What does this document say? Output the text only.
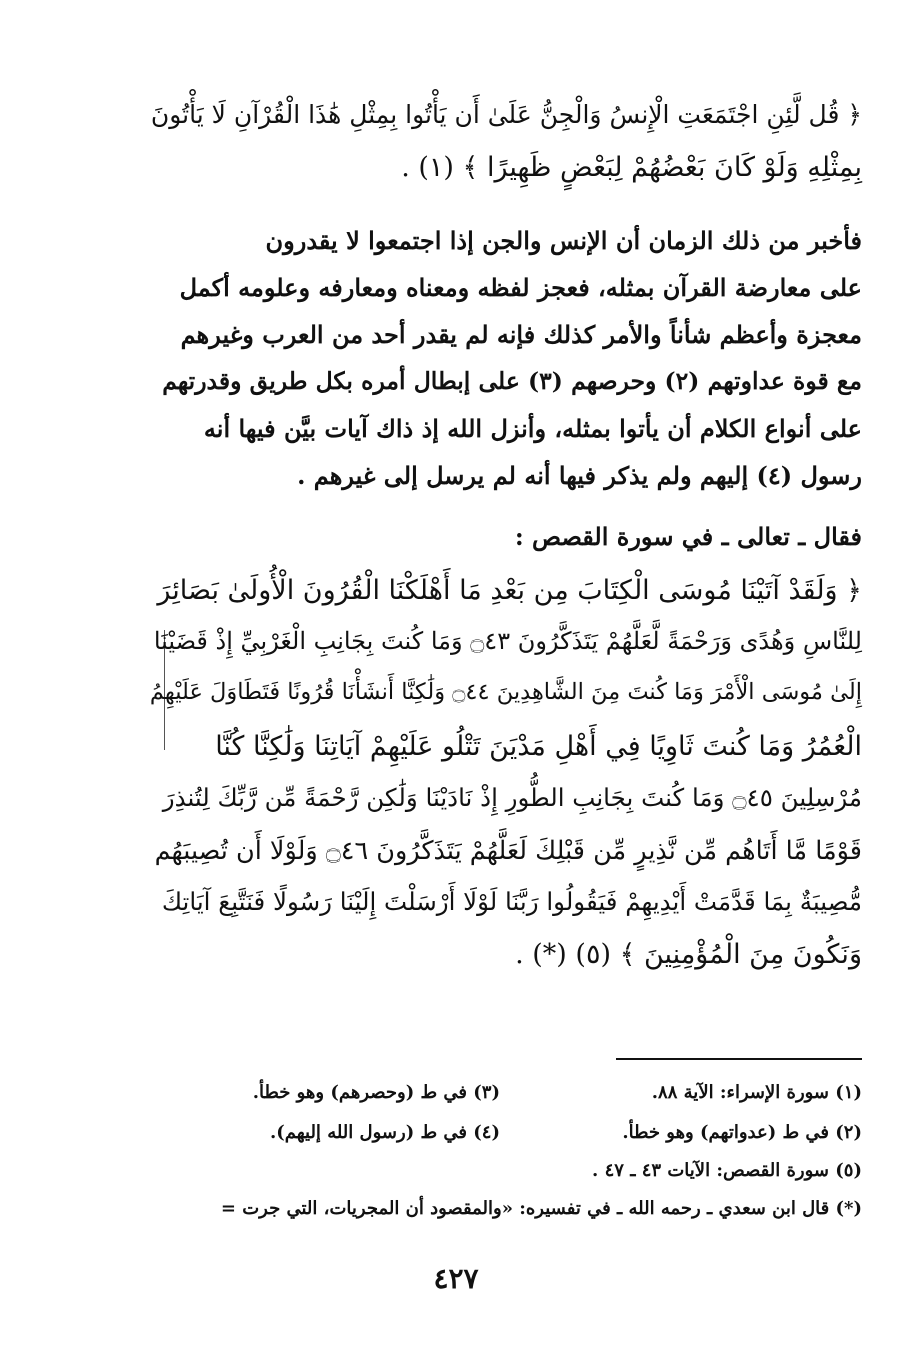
﴿ قُل لَّئِنِ اجْتَمَعَتِ الْإِنسُ وَالْجِنُّ عَلَىٰ أَن يَأْتُوا بِمِثْلِ هَٰذَا الْقُرْآنِ لَا يَأْتُونَ
بِمِثْلِهِ وَلَوْ كَانَ بَعْضُهُمْ لِبَعْضٍ ظَهِيرًا ﴾ (١) .
فأخبر من ذلك الزمان أن الإنس والجن إذا اجتمعوا لا يقدرون
على معارضة القرآن بمثله، فعجز لفظه ومعناه ومعارفه وعلومه أكمل
معجزة وأعظم شأناً والأمر كذلك فإنه لم يقدر أحد من العرب وغيرهم
مع قوة عداوتهم (٢) وحرصهم (٣) على إبطال أمره بكل طريق وقدرتهم
على أنواع الكلام أن يأتوا بمثله، وأنزل الله إذ ذاك آيات بيَّن فيها أنه
رسول (٤) إليهم ولم يذكر فيها أنه لم يرسل إلى غيرهم .
فقال ـ تعالى ـ في سورة القصص :
﴿ وَلَقَدْ آتَيْنَا مُوسَى الْكِتَابَ مِن بَعْدِ مَا أَهْلَكْنَا الْقُرُونَ الْأُولَىٰ بَصَائِرَ
لِلنَّاسِ وَهُدًى وَرَحْمَةً لَّعَلَّهُمْ يَتَذَكَّرُونَ ۝٤٣ وَمَا كُنتَ بِجَانِبِ الْغَرْبِيِّ إِذْ قَضَيْنَا
إِلَىٰ مُوسَى الْأَمْرَ وَمَا كُنتَ مِنَ الشَّاهِدِينَ ۝٤٤ وَلَٰكِنَّا أَنشَأْنَا قُرُونًا فَتَطَاوَلَ عَلَيْهِمُ
الْعُمُرُ وَمَا كُنتَ ثَاوِيًا فِي أَهْلِ مَدْيَنَ تَتْلُو عَلَيْهِمْ آيَاتِنَا وَلَٰكِنَّا كُنَّا
مُرْسِلِينَ ۝٤٥ وَمَا كُنتَ بِجَانِبِ الطُّورِ إِذْ نَادَيْنَا وَلَٰكِن رَّحْمَةً مِّن رَّبِّكَ لِتُنذِرَ
قَوْمًا مَّا أَتَاهُم مِّن نَّذِيرٍ مِّن قَبْلِكَ لَعَلَّهُمْ يَتَذَكَّرُونَ ۝٤٦ وَلَوْلَا أَن تُصِيبَهُم
مُّصِيبَةٌ بِمَا قَدَّمَتْ أَيْدِيهِمْ فَيَقُولُوا رَبَّنَا لَوْلَا أَرْسَلْتَ إِلَيْنَا رَسُولًا فَنَتَّبِعَ آيَاتِكَ
وَنَكُونَ مِنَ الْمُؤْمِنِينَ ﴾ (٥) (*) .
(١) سورة الإسراء: الآية ٨٨.
(٣) في ط (وحصرهم) وهو خطأ.
(٢) في ط (عدواتهم) وهو خطأ.
(٤) في ط (رسول الله إليهم).
(٥) سورة القصص: الآيات ٤٣ ـ ٤٧ .
(*) قال ابن سعدي ـ رحمه الله ـ في تفسيره: «والمقصود أن المجريات، التي جرت =
٤٢٧
